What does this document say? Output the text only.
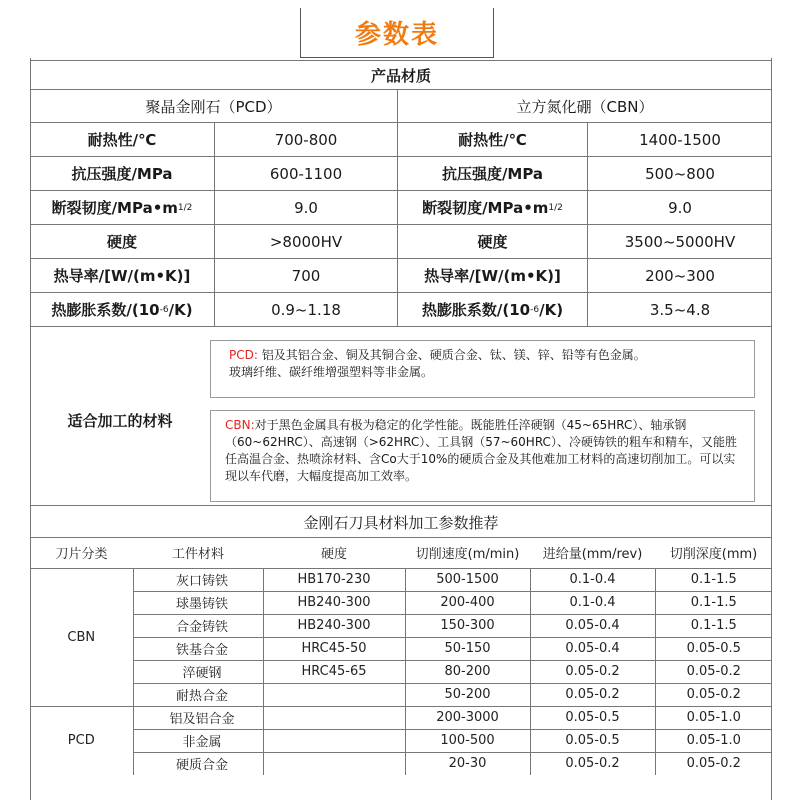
参数表
产品材质
聚晶金刚石（PCD）	立方氮化硼（CBN）
耐热性/℃	700-800	耐热性/℃	1400-1500
抗压强度/MPa	600-1100	抗压强度/MPa	500~800
断裂韧度/MPa•m 1/2	9.0	断裂韧度/MPa•m 1/2	9.0
硬度	>8000HV	硬度	3500~5000HV
热导率/[W/(m•K)]	700	热导率/[W/(m•K)]	200~300
热膨胀系数/(10 -6 /K)	0.9~1.18	热膨胀系数/(10 -6 /K)	3.5~4.8
适合加工的材料
PCD: 铝及其铝合金、铜及其铜合金、硬质合金、钛、镁、锌、铅等有色金属。
玻璃纤维、碳纤维增强塑料等非金属。
CBN:对于黑色金属具有极为稳定的化学性能。既能胜任淬硬钢（45~65HRC）、轴承钢（60~62HRC）、高速钢（>62HRC）、工具钢（57~60HRC）、冷硬铸铁的粗车和精车，又能胜任高温合金、热喷涂材料、含Co大于10%的硬质合金及其他难加工材料的高速切削加工。可以实现以车代磨，大幅度提高加工效率。
金刚石刀具材料加工参数推荐
刀片分类	工件材料	硬度	切削速度(m/min)	进给量(mm/rev)	切削深度(mm)
CBN	灰口铸铁	HB170-230	500-1500	0.1-0.4	0.1-1.5
	球墨铸铁	HB240-300	200-400	0.1-0.4	0.1-1.5
	合金铸铁	HB240-300	150-300	0.05-0.4	0.1-1.5
	铁基合金	HRC45-50	50-150	0.05-0.4	0.05-0.5
	淬硬钢	HRC45-65	80-200	0.05-0.2	0.05-0.2
	耐热合金		50-200	0.05-0.2	0.05-0.2
PCD	铝及铝合金		200-3000	0.05-0.5	0.05-1.0
	非金属		100-500	0.05-0.5	0.05-1.0
	硬质合金		20-30	0.05-0.2	0.05-0.2
